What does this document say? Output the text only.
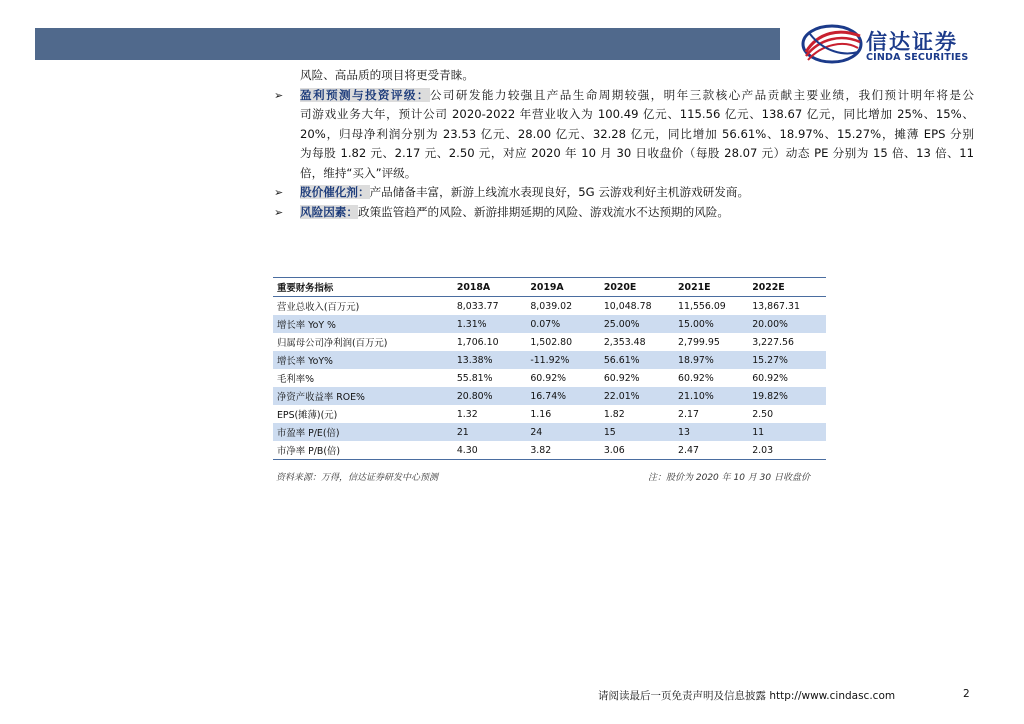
信达证券
CINDA SECURITIES
风险、高品质的项目将更受青睐。
➢	盈利预测与投资评级：公司研发能力较强且产品生命周期较强，明年三款核心产品贡献主要业绩，我们预计明年将是公
司游戏业务大年，预计公司 2020-2022 年营业收入为 100.49 亿元、115.56 亿元、138.67 亿元，同比增加 25%、15%、
20%，归母净利润分别为 23.53 亿元、28.00 亿元、32.28 亿元，同比增加 56.61%、18.97%、15.27%，摊薄 EPS 分别
为每股 1.82 元、2.17 元、2.50 元，对应 2020 年 10 月 30 日收盘价（每股 28.07 元）动态 PE 分别为 15 倍、13 倍、11
倍，维持“买入”评级。
➢	股价催化剂：产品储备丰富，新游上线流水表现良好，5G 云游戏利好主机游戏研发商。
➢	风险因素：政策监管趋严的风险、新游排期延期的风险、游戏流水不达预期的风险。
重要财务指标	2018A	2019A	2020E	2021E	2022E
营业总收入(百万元)	8,033.77	8,039.02	10,048.78	11,556.09	13,867.31
增长率 YoY %	1.31%	0.07%	25.00%	15.00%	20.00%
归属母公司净利润(百万元)	1,706.10	1,502.80	2,353.48	2,799.95	3,227.56
增长率 YoY%	13.38%	-11.92%	56.61%	18.97%	15.27%
毛利率%	55.81%	60.92%	60.92%	60.92%	60.92%
净资产收益率 ROE%	20.80%	16.74%	22.01%	21.10%	19.82%
EPS(摊薄)(元)	1.32	1.16	1.82	2.17	2.50
市盈率 P/E(倍)	21	24	15	13	11
市净率 P/B(倍)	4.30	3.82	3.06	2.47	2.03
资料来源：万得，信达证券研发中心预测	注：股价为 2020 年 10 月 30 日收盘价
请阅读最后一页免责声明及信息披露 http://www.cindasc.com	2
